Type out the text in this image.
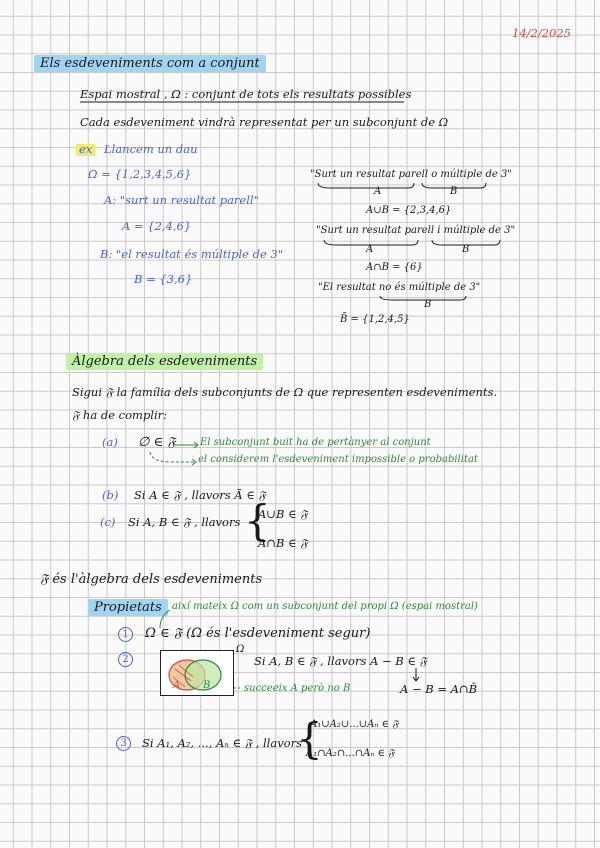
14/2/2025
Els esdeveniments com a conjunt
Espai mostral , Ω : conjunt de tots els resultats possibles
Cada esdeveniment vindrà representat per un subconjunt de Ω
ex Llancem un dau
Ω = {1,2,3,4,5,6}
A: "surt un resultat parell"
A = {2,4,6}
B: "el resultat és múltiple de 3"
B = {3,6}
"Surt un resultat parell o múltiple de 3"
A	B
A∪B = {2,3,4,6}
"Surt un resultat parell i múltiple de 3"
A	B
A∩B = {6}
"El resultat no és múltiple de 3"
B
B̄ = {1,2,4,5}
Àlgebra dels esdeveniments
Sigui 𝔉 la família dels subconjunts de Ω que representen esdeveniments.
𝔉 ha de complir:
(a) ∅ ∈ 𝔉 El subconjunt buit ha de pertànyer al conjunt
el considerem l'esdeveniment impossible o probabilitat
(b) Si A ∈ 𝔉 , llavors Ā ∈ 𝔉
(c) Si A, B ∈ 𝔉 , llavors {
A∪B ∈ 𝔉
A∩B ∈ 𝔉
𝔉 és l'àlgebra dels esdeveniments
Propietats	així mateix Ω com un subconjunt del propi Ω (espai mostral)
1 Ω ∈ 𝔉 (Ω és l'esdeveniment segur)
2
A B
Ω
Si A, B ∈ 𝔉 , llavors A − B ∈ 𝔉
succeeix A però no B	A − B = A∩B̄
3	Si A₁, A₂, ..., Aₙ ∈ 𝔉 , llavors
{
A₁∪A₂∪...∪Aₙ ∈ 𝔉
A₁∩A₂∩...∩Aₙ ∈ 𝔉
